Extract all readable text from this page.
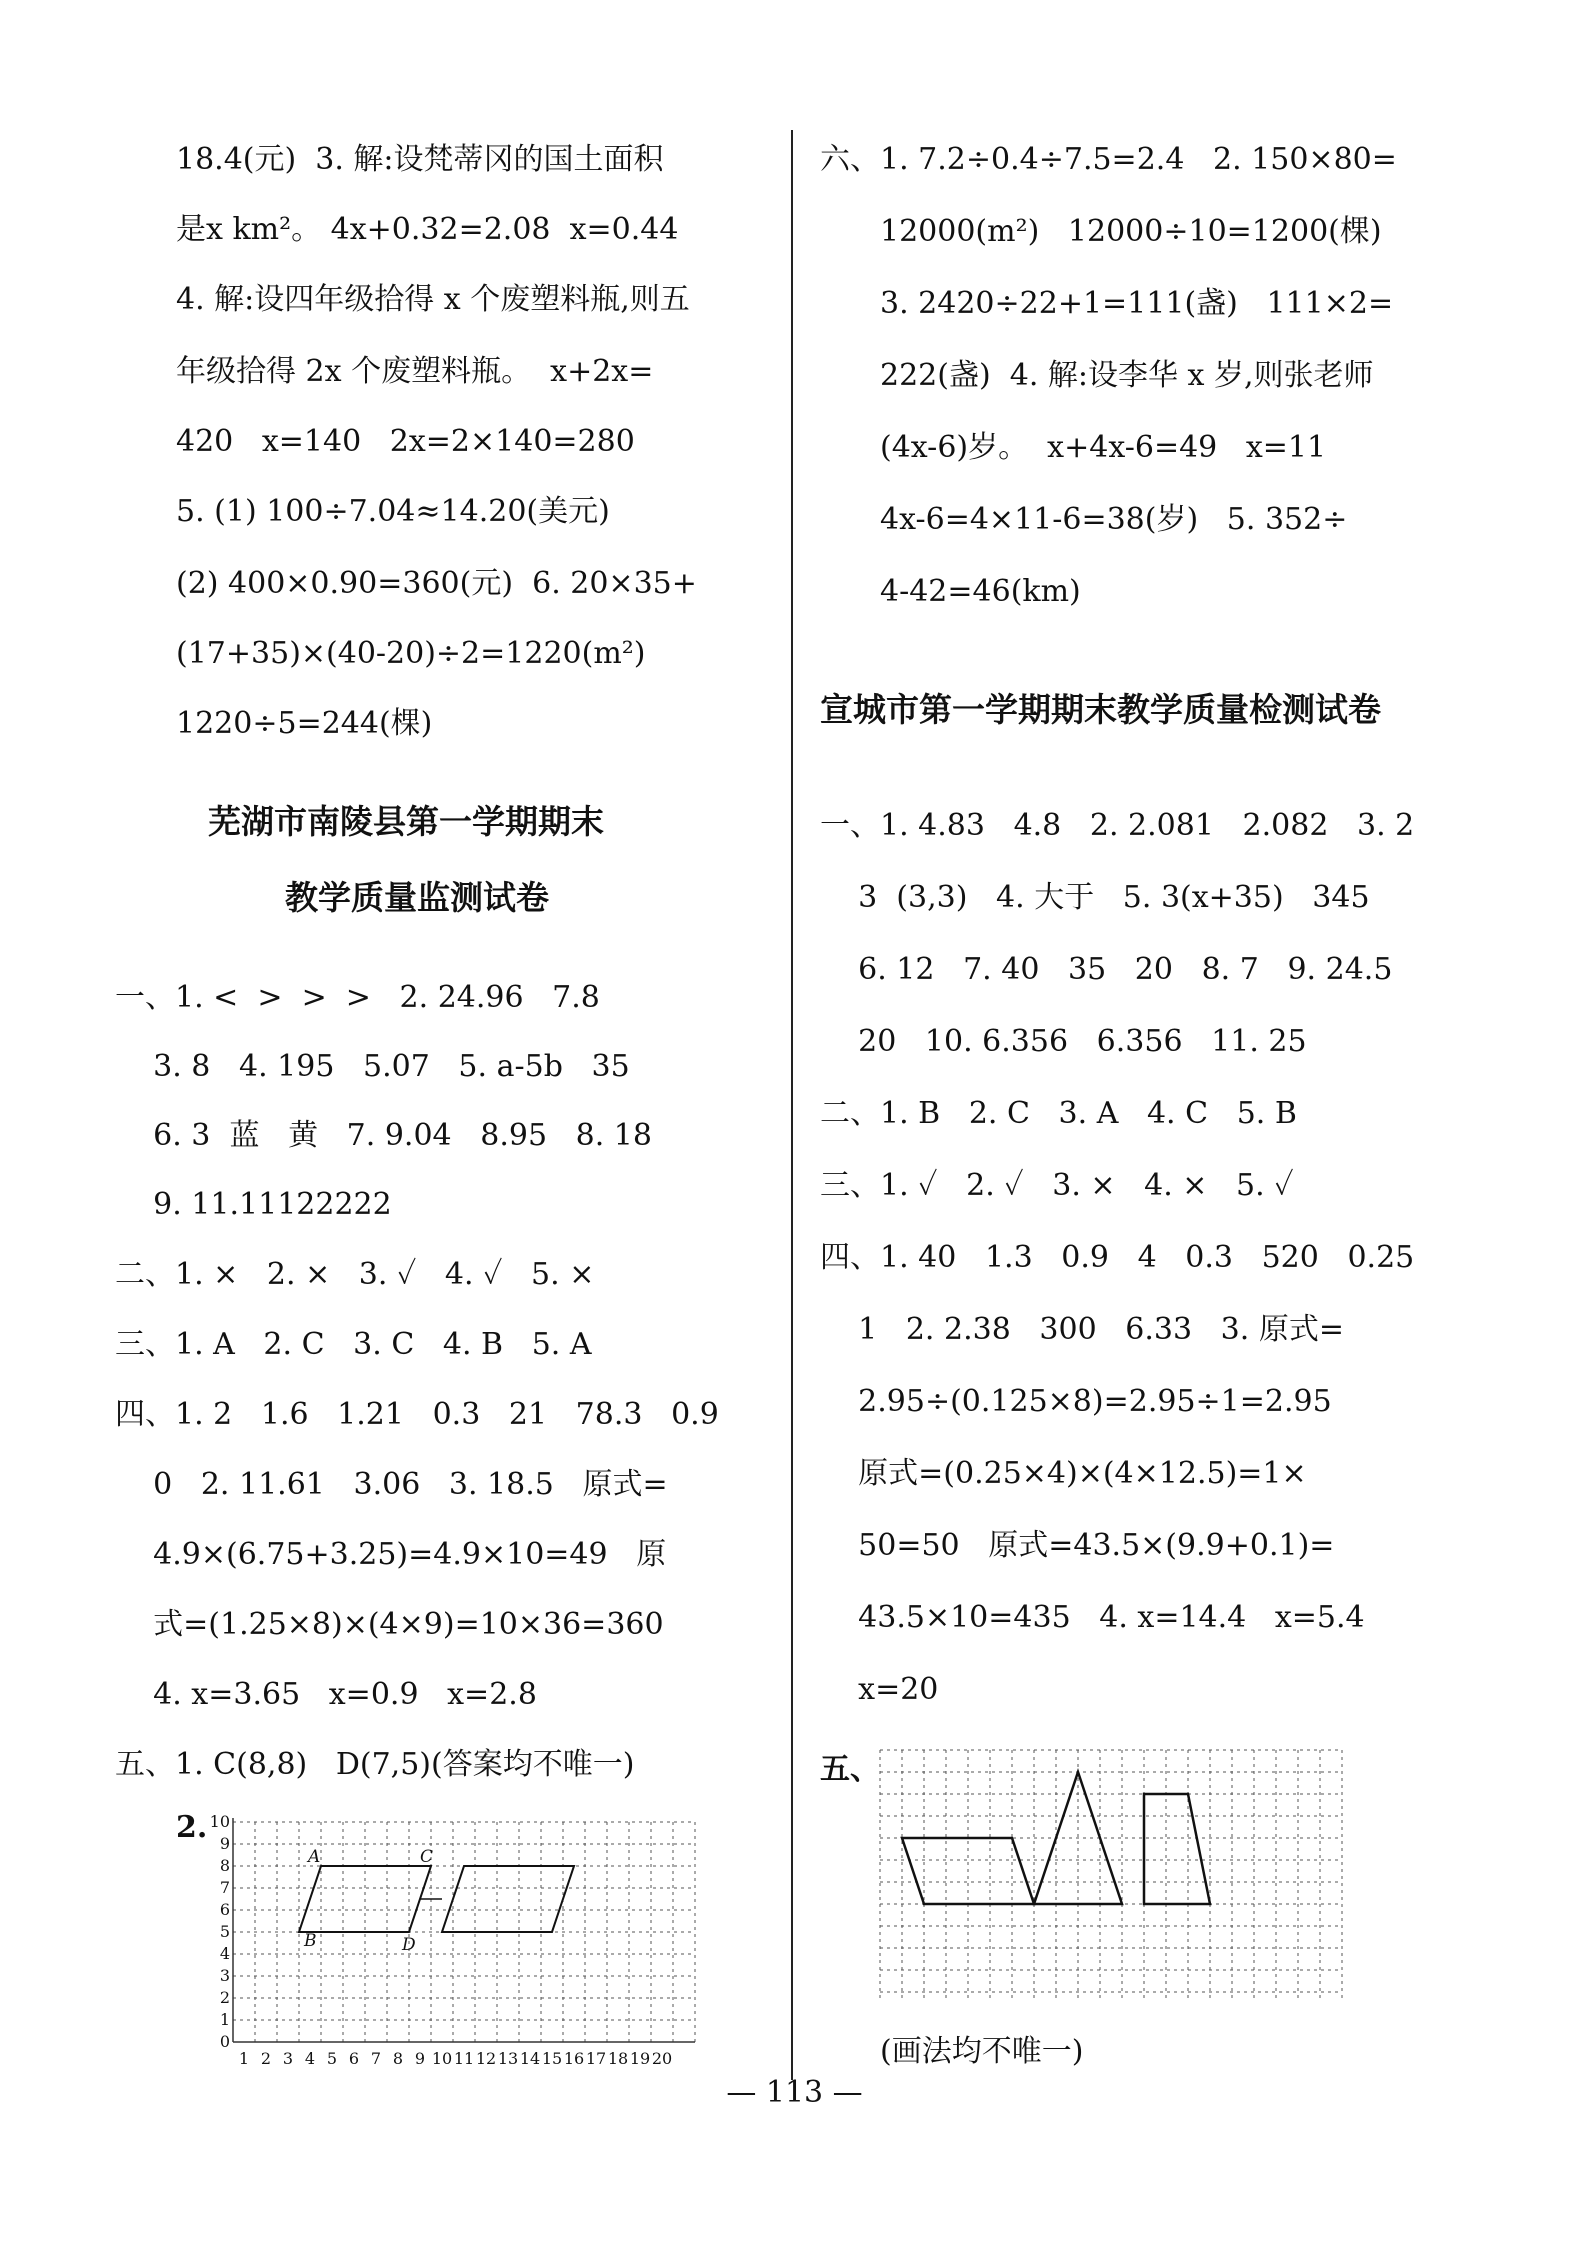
18.4(元)  3. 解:设梵蒂冈的国土面积
是x km²。 4x+0.32=2.08  x=0.44
4. 解:设四年级拾得 x 个废塑料瓶,则五
年级拾得 2x 个废塑料瓶。  x+2x=
420   x=140   2x=2×140=280
5. (1) 100÷7.04≈14.20(美元)
(2) 400×0.90=360(元)  6. 20×35+
(17+35)×(40-20)÷2=1220(m²)
1220÷5=244(棵)
芜湖市南陵县第一学期期末
教学质量监测试卷
一、1. <  >  >  >   2. 24.96   7.8
3. 8   4. 195   5.07   5. a-5b   35
6. 3  蓝   黄   7. 9.04   8.95   8. 18
9. 11.11122222
二、1. ×   2. ×   3. ✓   4. ✓   5. ×
三、1. A   2. C   3. C   4. B   5. A
四、1. 2   1.6   1.21   0.3   21   78.3   0.9
0   2. 11.61   3.06   3. 18.5   原式=
4.9×(6.75+3.25)=4.9×10=49   原
式=(1.25×8)×(4×9)=10×36=360
4. x=3.65   x=0.9   x=2.8
五、1. C(8,8)   D(7,5)(答案均不唯一)
2. 10
9
8
7
6
5
4
3
2
1
0
1 2 3 4 5 6 7 8 9 10 11 12 13 14 15 16 17 18 19 20
A	C
B	D
六、1. 7.2÷0.4÷7.5=2.4   2. 150×80=
12000(m²)   12000÷10=1200(棵)
3. 2420÷22+1=111(盏)   111×2=
222(盏)  4. 解:设李华 x 岁,则张老师
(4x-6)岁。  x+4x-6=49   x=11
4x-6=4×11-6=38(岁)   5. 352÷
4-42=46(km)
宣城市第一学期期末教学质量检测试卷
一、1. 4.83   4.8   2. 2.081   2.082   3. 2
3  (3,3)   4. 大于   5. 3(x+35)   345
6. 12   7. 40   35   20   8. 7   9. 24.5
20   10. 6.356   6.356   11. 25
二、1. B   2. C   3. A   4. C   5. B
三、1. ✓   2. ✓   3. ×   4. ×   5. ✓
四、1. 40   1.3   0.9   4   0.3   520   0.25
1   2. 2.38   300   6.33   3. 原式=
2.95÷(0.125×8)=2.95÷1=2.95
原式=(0.25×4)×(4×12.5)=1×
50=50   原式=43.5×(9.9+0.1)=
43.5×10=435   4. x=14.4   x=5.4
x=20
五、
(画法均不唯一)
— 113 —
